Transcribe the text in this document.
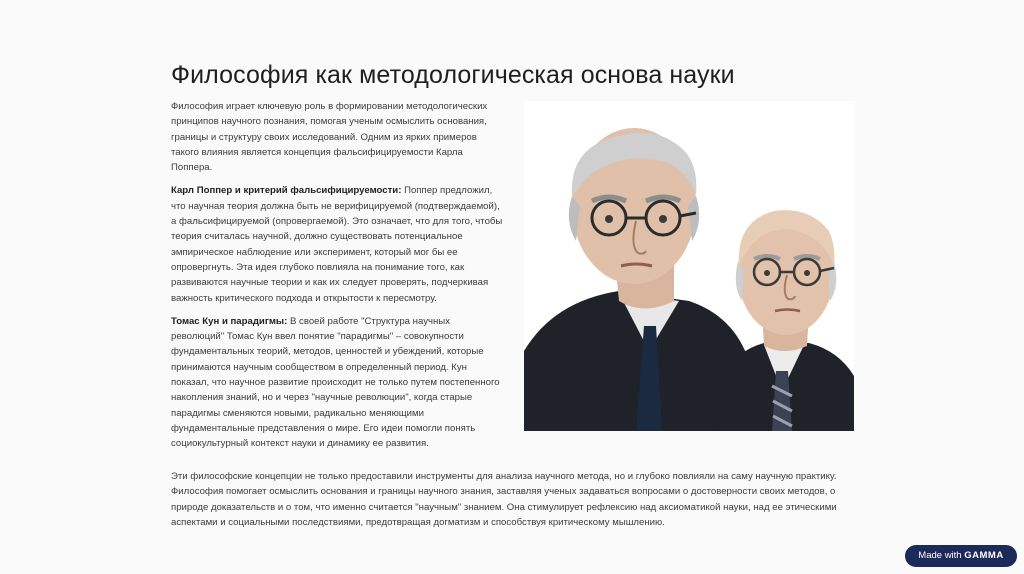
Философия как методологическая основа науки

Философия играет ключевую роль в формировании методологических принципов научного познания, помогая ученым осмыслить основания, границы и структуру своих исследований. Одним из ярких примеров такого влияния является концепция фальсифицируемости Карла Поппера.

Карл Поппер и критерий фальсифицируемости: Поппер предложил, что научная теория должна быть не верифицируемой (подтверждаемой), а фальсифицируемой (опровергаемой). Это означает, что для того, чтобы теория считалась научной, должно существовать потенциальное эмпирическое наблюдение или эксперимент, который мог бы ее опровергнуть. Эта идея глубоко повлияла на понимание того, как развиваются научные теории и как их следует проверять, подчеркивая важность критического подхода и открытости к пересмотру.

Томас Кун и парадигмы: В своей работе "Структура научных революций" Томас Кун ввел понятие "парадигмы" – совокупности фундаментальных теорий, методов, ценностей и убеждений, которые принимаются научным сообществом в определенный период. Кун показал, что научное развитие происходит не только путем постепенного накопления знаний, но и через "научные революции", когда старые парадигмы сменяются новыми, радикально меняющими фундаментальные представления о мире. Его идеи помогли понять социокультурный контекст науки и динамику ее развития.

Эти философские концепции не только предоставили инструменты для анализа научного метода, но и глубоко повлияли на саму научную практику. Философия помогает осмыслить основания и границы научного знания, заставляя ученых задаваться вопросами о достоверности своих методов, о природе доказательств и о том, что именно считается "научным" знанием. Она стимулирует рефлексию над аксиоматикой науки, над ее этическими аспектами и социальными последствиями, предотвращая догматизм и способствуя критическому мышлению.
Made with GAMMA
